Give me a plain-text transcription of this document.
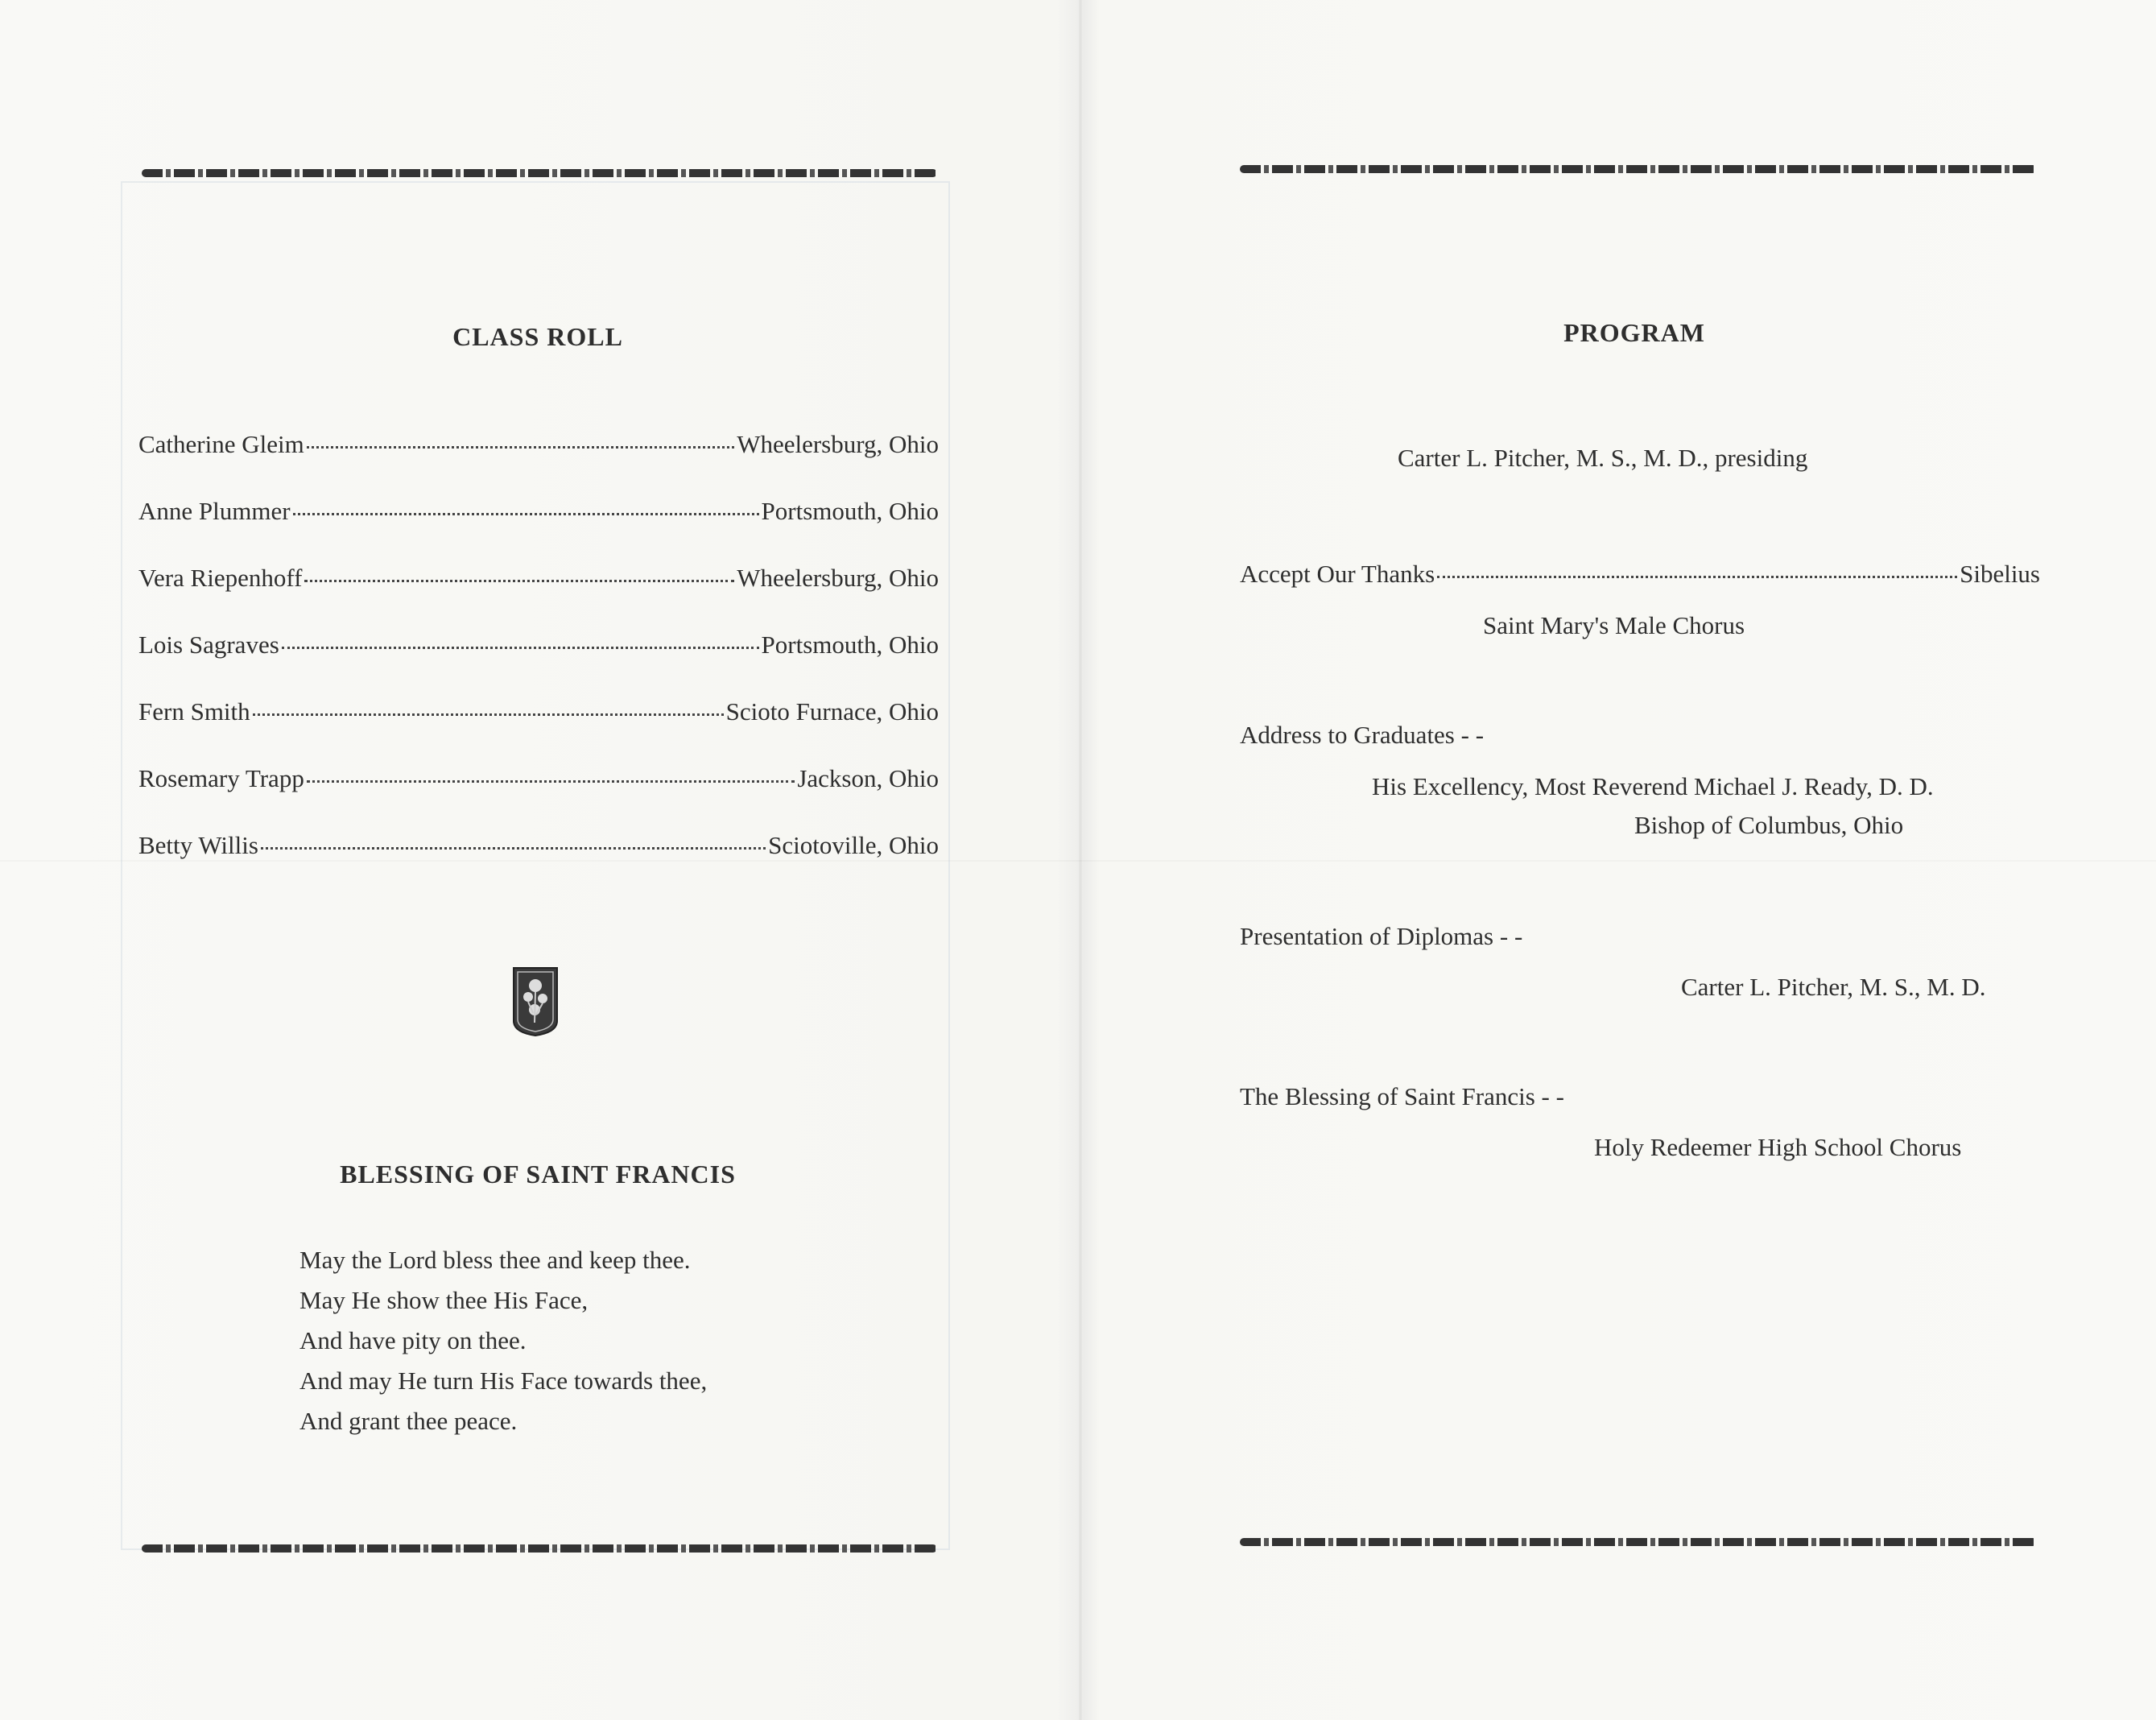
CLASS ROLL
Catherine Gleim	Wheelersburg, Ohio
Anne Plummer	Portsmouth, Ohio
Vera Riepenhoff	Wheelersburg, Ohio
Lois Sagraves	Portsmouth, Ohio
Fern Smith	Scioto Furnace, Ohio
Rosemary Trapp	Jackson, Ohio
Betty Willis	Sciotoville, Ohio
BLESSING OF SAINT FRANCIS
May the Lord bless thee and keep thee.
May He show thee His Face,
And have pity on thee.
And may He turn His Face towards thee,
And grant thee peace.
PROGRAM
Carter L. Pitcher, M. S., M. D., presiding
Accept Our Thanks	Sibelius
Saint Mary's Male Chorus
Address to Graduates - -
His Excellency, Most Reverend Michael J. Ready, D. D.
Bishop of Columbus, Ohio
Presentation of Diplomas - -
Carter L. Pitcher, M. S., M. D.
The Blessing of Saint Francis - -
Holy Redeemer High School Chorus
